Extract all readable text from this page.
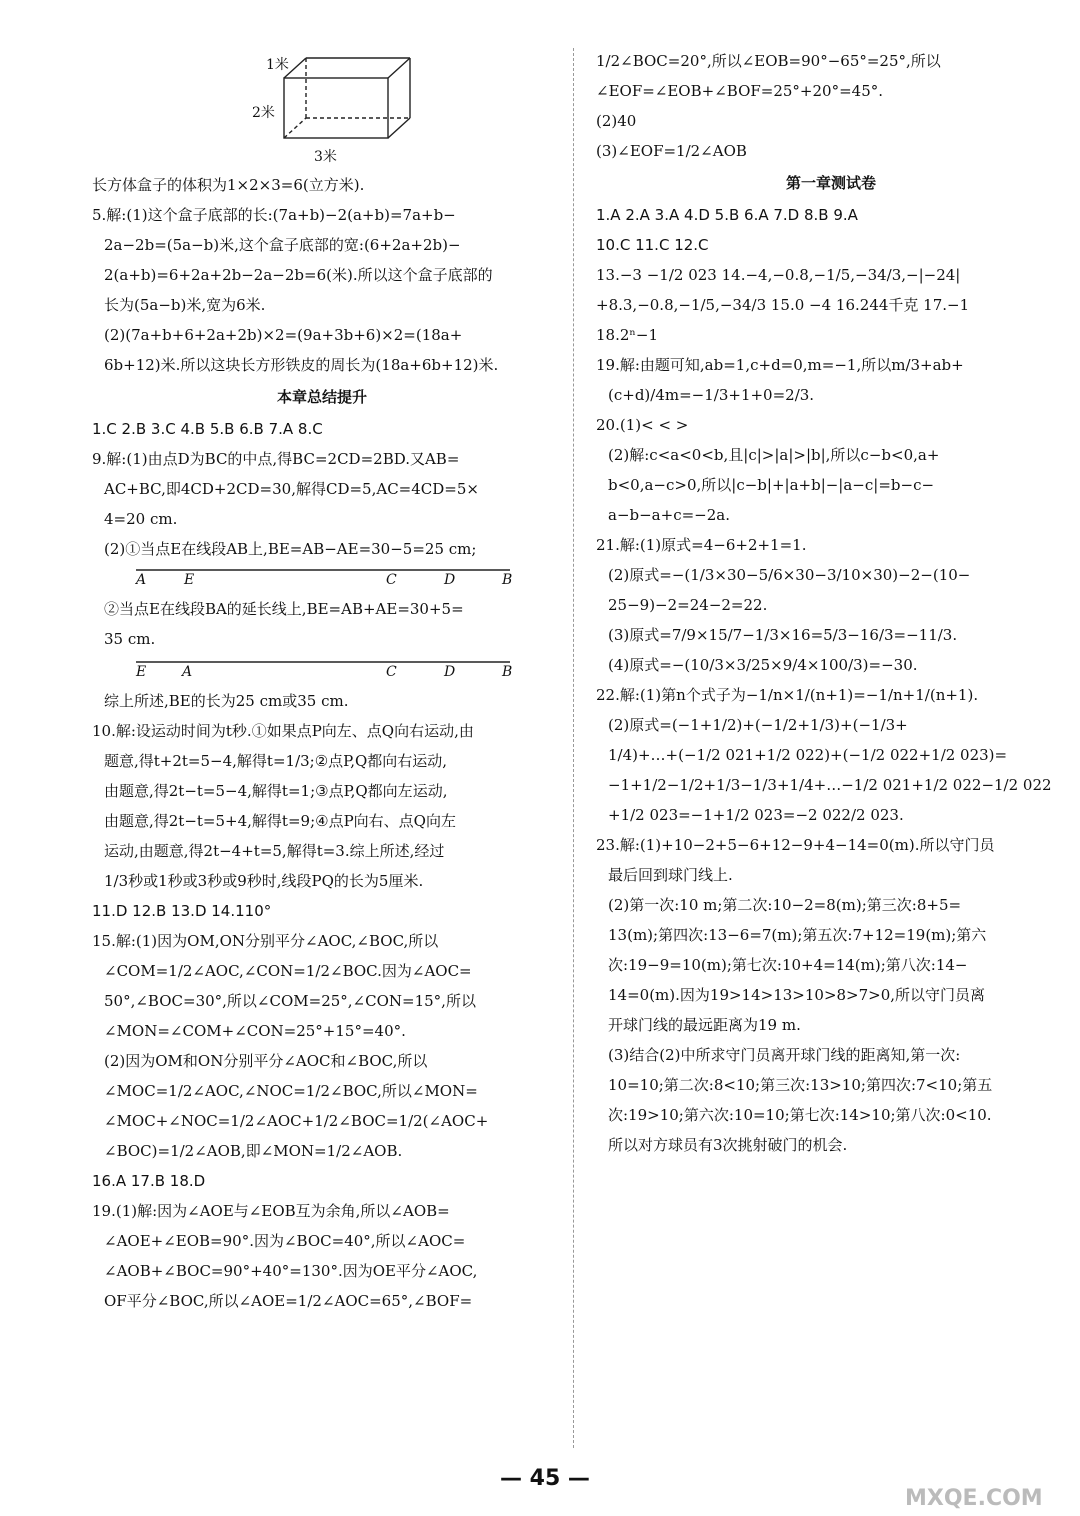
1米
2米
3米
长方体盒子的体积为1×2×3=6(立方米).
5.解:(1)这个盒子底部的长:(7a+b)−2(a+b)=7a+b−
2a−2b=(5a−b)米,这个盒子底部的宽:(6+2a+2b)−
2(a+b)=6+2a+2b−2a−2b=6(米).所以这个盒子底部的
长为(5a−b)米,宽为6米.
(2)(7a+b+6+2a+2b)×2=(9a+3b+6)×2=(18a+
6b+12)米.所以这块长方形铁皮的周长为(18a+6b+12)米.
本章总结提升
1.C 2.B 3.C 4.B 5.B 6.B 7.A 8.C
9.解:(1)由点D为BC的中点,得BC=2CD=2BD.又AB=
AC+BC,即4CD+2CD=30,解得CD=5,AC=4CD=5×
4=20 cm.
(2)①当点E在线段AB上,BE=AB−AE=30−5=25 cm;
A	E	C	D	B
②当点E在线段BA的延长线上,BE=AB+AE=30+5=
35 cm.
E	A	C	D	B
综上所述,BE的长为25 cm或35 cm.
10.解:设运动时间为t秒.①如果点P向左、点Q向右运动,由
题意,得t+2t=5−4,解得t=1/3;②点P,Q都向右运动,
由题意,得2t−t=5−4,解得t=1;③点P,Q都向左运动,
由题意,得2t−t=5+4,解得t=9;④点P向右、点Q向左
运动,由题意,得2t−4+t=5,解得t=3.综上所述,经过
1/3秒或1秒或3秒或9秒时,线段PQ的长为5厘米.
11.D 12.B 13.D 14.110°
15.解:(1)因为OM,ON分别平分∠AOC,∠BOC,所以
∠COM=1/2∠AOC,∠CON=1/2∠BOC.因为∠AOC=
50°,∠BOC=30°,所以∠COM=25°,∠CON=15°,所以
∠MON=∠COM+∠CON=25°+15°=40°.
(2)因为OM和ON分别平分∠AOC和∠BOC,所以
∠MOC=1/2∠AOC,∠NOC=1/2∠BOC,所以∠MON=
∠MOC+∠NOC=1/2∠AOC+1/2∠BOC=1/2(∠AOC+
∠BOC)=1/2∠AOB,即∠MON=1/2∠AOB.
16.A 17.B 18.D
19.(1)解:因为∠AOE与∠EOB互为余角,所以∠AOB=
∠AOE+∠EOB=90°.因为∠BOC=40°,所以∠AOC=
∠AOB+∠BOC=90°+40°=130°.因为OE平分∠AOC,
OF平分∠BOC,所以∠AOE=1/2∠AOC=65°,∠BOF=
1/2∠BOC=20°,所以∠EOB=90°−65°=25°,所以
∠EOF=∠EOB+∠BOF=25°+20°=45°.
(2)40
(3)∠EOF=1/2∠AOB
第一章测试卷
1.A 2.A 3.A 4.D 5.B 6.A 7.D 8.B 9.A
10.C 11.C 12.C
13.−3 −1/2 023 14.−4,−0.8,−1/5,−34/3,−|−24|
+8.3,−0.8,−1/5,−34/3 15.0 −4 16.244千克 17.−1
18.2ⁿ−1
19.解:由题可知,ab=1,c+d=0,m=−1,所以m/3+ab+
(c+d)/4m=−1/3+1+0=2/3.
20.(1)< < >
(2)解:c<a<0<b,且|c|>|a|>|b|,所以c−b<0,a+
b<0,a−c>0,所以|c−b|+|a+b|−|a−c|=b−c−
a−b−a+c=−2a.
21.解:(1)原式=4−6+2+1=1.
(2)原式=−(1/3×30−5/6×30−3/10×30)−2−(10−
25−9)−2=24−2=22.
(3)原式=7/9×15/7−1/3×16=5/3−16/3=−11/3.
(4)原式=−(10/3×3/25×9/4×100/3)=−30.
22.解:(1)第n个式子为−1/n×1/(n+1)=−1/n+1/(n+1).
(2)原式=(−1+1/2)+(−1/2+1/3)+(−1/3+
1/4)+…+(−1/2 021+1/2 022)+(−1/2 022+1/2 023)=
−1+1/2−1/2+1/3−1/3+1/4+…−1/2 021+1/2 022−1/2 022
+1/2 023=−1+1/2 023=−2 022/2 023.
23.解:(1)+10−2+5−6+12−9+4−14=0(m).所以守门员
最后回到球门线上.
(2)第一次:10 m;第二次:10−2=8(m);第三次:8+5=
13(m);第四次:13−6=7(m);第五次:7+12=19(m);第六
次:19−9=10(m);第七次:10+4=14(m);第八次:14−
14=0(m).因为19>14>13>10>8>7>0,所以守门员离
开球门线的最远距离为19 m.
(3)结合(2)中所求守门员离开球门线的距离知,第一次:
10=10;第二次:8<10;第三次:13>10;第四次:7<10;第五
次:19>10;第六次:10=10;第七次:14>10;第八次:0<10.
所以对方球员有3次挑射破门的机会.
— 45 —
MXQE.COM
